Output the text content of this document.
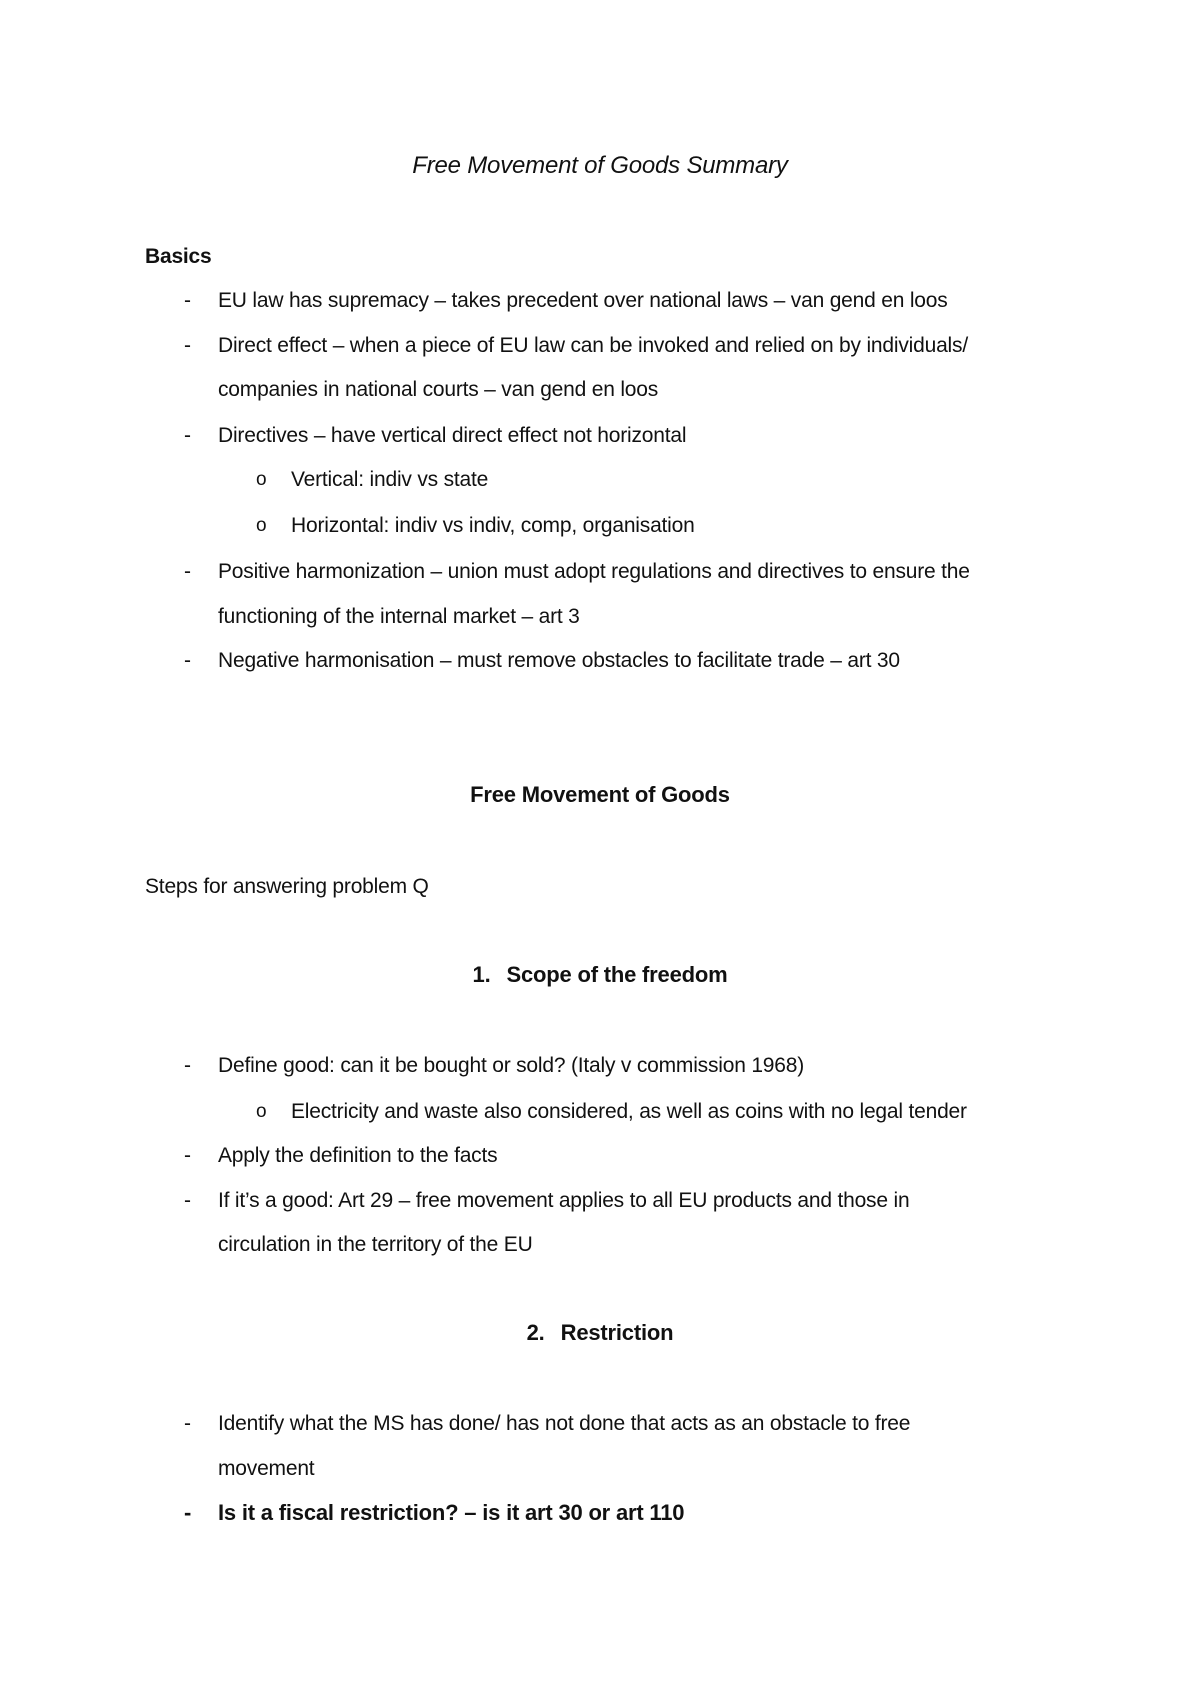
Free Movement of Goods Summary
Basics
- EU law has supremacy – takes precedent over national laws – van gend en loos
- Direct effect – when a piece of EU law can be invoked and relied on by individuals/
companies in national courts – van gend en loos
- Directives – have vertical direct effect not horizontal
o Vertical: indiv vs state
o Horizontal: indiv vs indiv, comp, organisation
- Positive harmonization – union must adopt regulations and directives to ensure the
functioning of the internal market – art 3
- Negative harmonisation – must remove obstacles to facilitate trade – art 30
Free Movement of Goods
Steps for answering problem Q
1. Scope of the freedom
- Define good: can it be bought or sold? (Italy v commission 1968)
o Electricity and waste also considered, as well as coins with no legal tender
- Apply the definition to the facts
- If it’s a good: Art 29 – free movement applies to all EU products and those in
circulation in the territory of the EU
2. Restriction
- Identify what the MS has done/ has not done that acts as an obstacle to free
movement
- Is it a fiscal restriction? – is it art 30 or art 110
